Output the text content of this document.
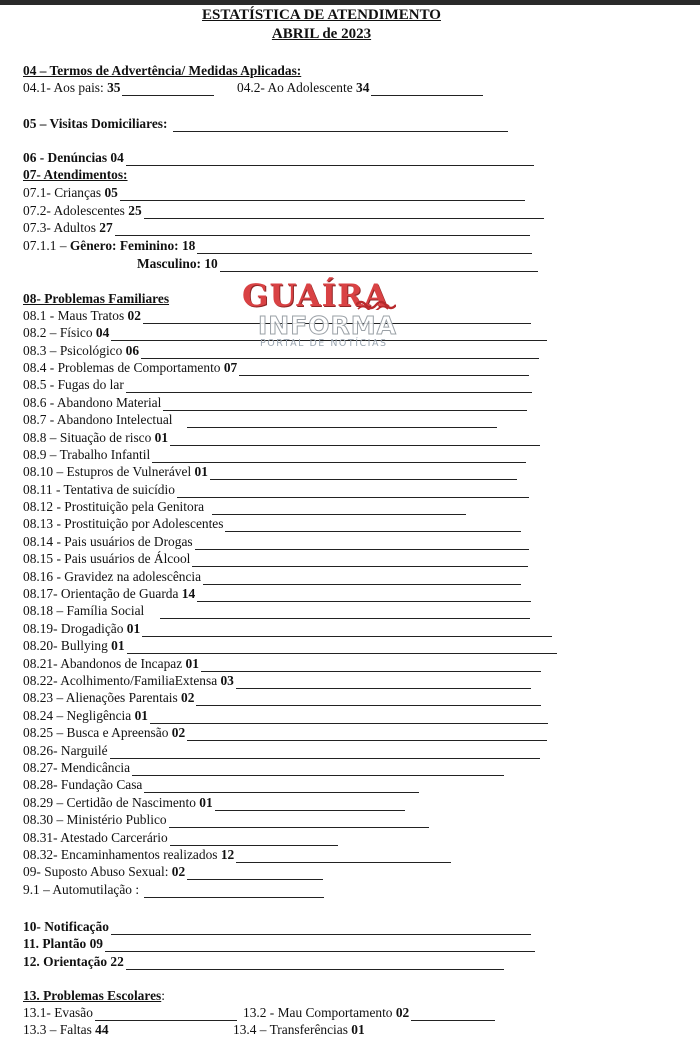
ESTATÍSTICA DE ATENDIMENTO
ABRIL de 2023
04 – Termos de Advertência/ Medidas Aplicadas:
04.1- Aos pais: 35	04.2- Ao Adolescente 34
05 – Visitas Domiciliares:
06 - Denúncias 04
07- Atendimentos:
07.1- Crianças 05
07.2- Adolescentes 25
07.3- Adultos 27
07.1.1 – Gênero: Feminino: 18
Masculino: 10
08- Problemas Familiares
08.1 - Maus Tratos 02
08.2 – Físico 04
08.3 – Psicológico 06
08.4 - Problemas de Comportamento 07
08.5 - Fugas do lar
08.6 - Abandono Material
08.7 - Abandono Intelectual
08.8 – Situação de risco 01
08.9 – Trabalho Infantil
08.10 – Estupros de Vulnerável 01
08.11 - Tentativa de suicídio
08.12 - Prostituição pela Genitora
08.13 - Prostituição por Adolescentes
08.14 - Pais usuários de Drogas
08.15 - Pais usuários de Álcool
08.16 - Gravidez na adolescência
08.17- Orientação de Guarda 14
08.18 – Família Social
08.19- Drogadição 01
08.20- Bullying 01
08.21- Abandonos de Incapaz 01
08.22- Acolhimento/FamiliaExtensa 03
08.23 – Alienações Parentais 02
08.24 – Negligência 01
08.25 – Busca e Apreensão 02
08.26- Narguilé
08.27- Mendicância
08.28- Fundação Casa
08.29 – Certidão de Nascimento 01
08.30 – Ministério Publico
08.31- Atestado Carcerário
08.32- Encaminhamentos realizados 12
09- Suposto Abuso Sexual: 02
9.1 – Automutilação :
10- Notificação
11. Plantão 09
12. Orientação 22
13. Problemas Escolares :
13.1- Evasão	13.2 - Mau Comportamento 02
13.3 – Faltas 44	13.4 – Transferências 01
GUAÍRA
INFORMA
PORTAL DE NOTÍCIAS
